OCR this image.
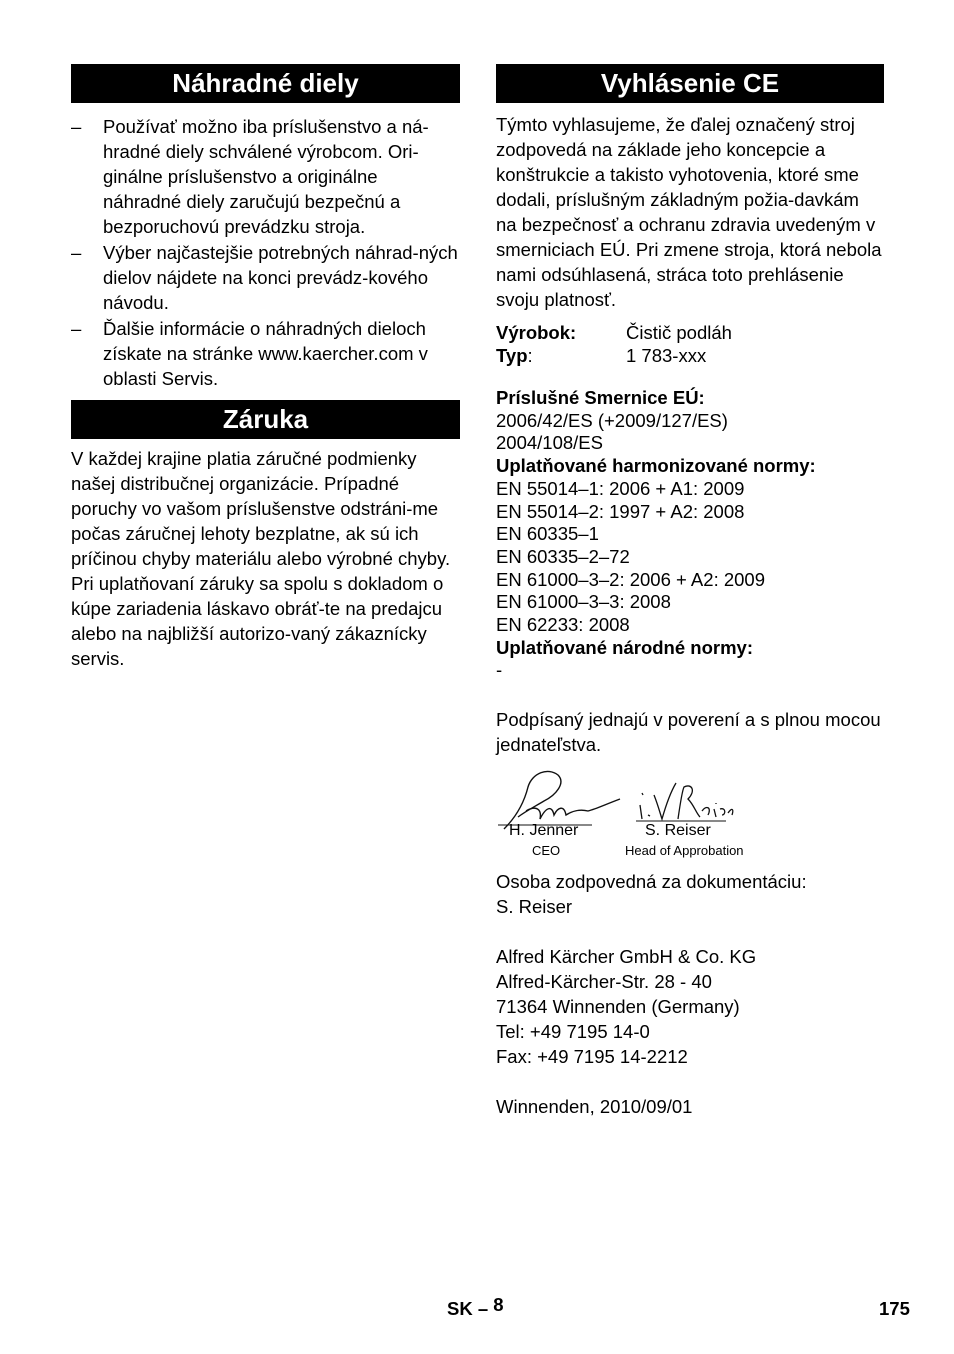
Náhradné diely
– Používať možno iba príslušenstvo a ná-hradné diely schválené výrobcom. Ori-ginálne príslušenstvo a originálne náhradné diely zaručujú bezpečnú a bezporuchovú prevádzku stroja.
– Výber najčastejšie potrebných náhrad-ných dielov nájdete na konci prevádz-kového návodu.
– Ďalšie informácie o náhradných dieloch získate na stránke www.kaercher.com v oblasti Servis.
Záruka

V každej krajine platia záručné podmienky našej distribučnej organizácie. Prípadné poruchy vo vašom príslušenstve odstráni-me počas záručnej lehoty bezplatne, ak sú ich príčinou chyby materiálu alebo výrobné chyby. Pri uplatňovaní záruky sa spolu s dokladom o kúpe zariadenia láskavo obráť-te na predajcu alebo na najbližší autorizo-vaný zákaznícky servis.

Vyhlásenie CE

Týmto vyhlasujeme, že ďalej označený stroj zodpovedá na základe jeho koncepcie a konštrukcie a takisto vyhotovenia, ktoré sme dodali, príslušným základným požia-davkám na bezpečnosť a ochranu zdravia uvedeným v smerniciach EÚ. Pri zmene stroja, ktorá nebola nami odsúhlasená, stráca toto prehlásenie svoju platnosť.

Výrobok:	Čistič podláh
Typ:	1 783-xxx
Príslušné Smernice EÚ:
2006/42/ES (+2009/127/ES)
2004/108/ES
Uplatňované harmonizované normy:
EN 55014–1: 2006 + A1: 2009
EN 55014–2: 1997 + A2: 2008
EN 60335–1
EN 60335–2–72
EN 61000–3–2: 2006 + A2: 2009
EN 61000–3–3: 2008
EN 62233: 2008
Uplatňované národné normy:
-

Podpísaný jednajú v poverení a s plnou mocou jednateľstva.

H. Jenner
CEO
S. Reiser
Head of Approbation
Osoba zodpovedná za dokumentáciu:
S. Reiser
Alfred Kärcher GmbH & Co. KG
Alfred-Kärcher-Str. 28 - 40
71364 Winnenden (Germany)
Tel: +49 7195 14-0
Fax: +49 7195 14-2212
Winnenden, 2010/09/01
SK – 8	175
